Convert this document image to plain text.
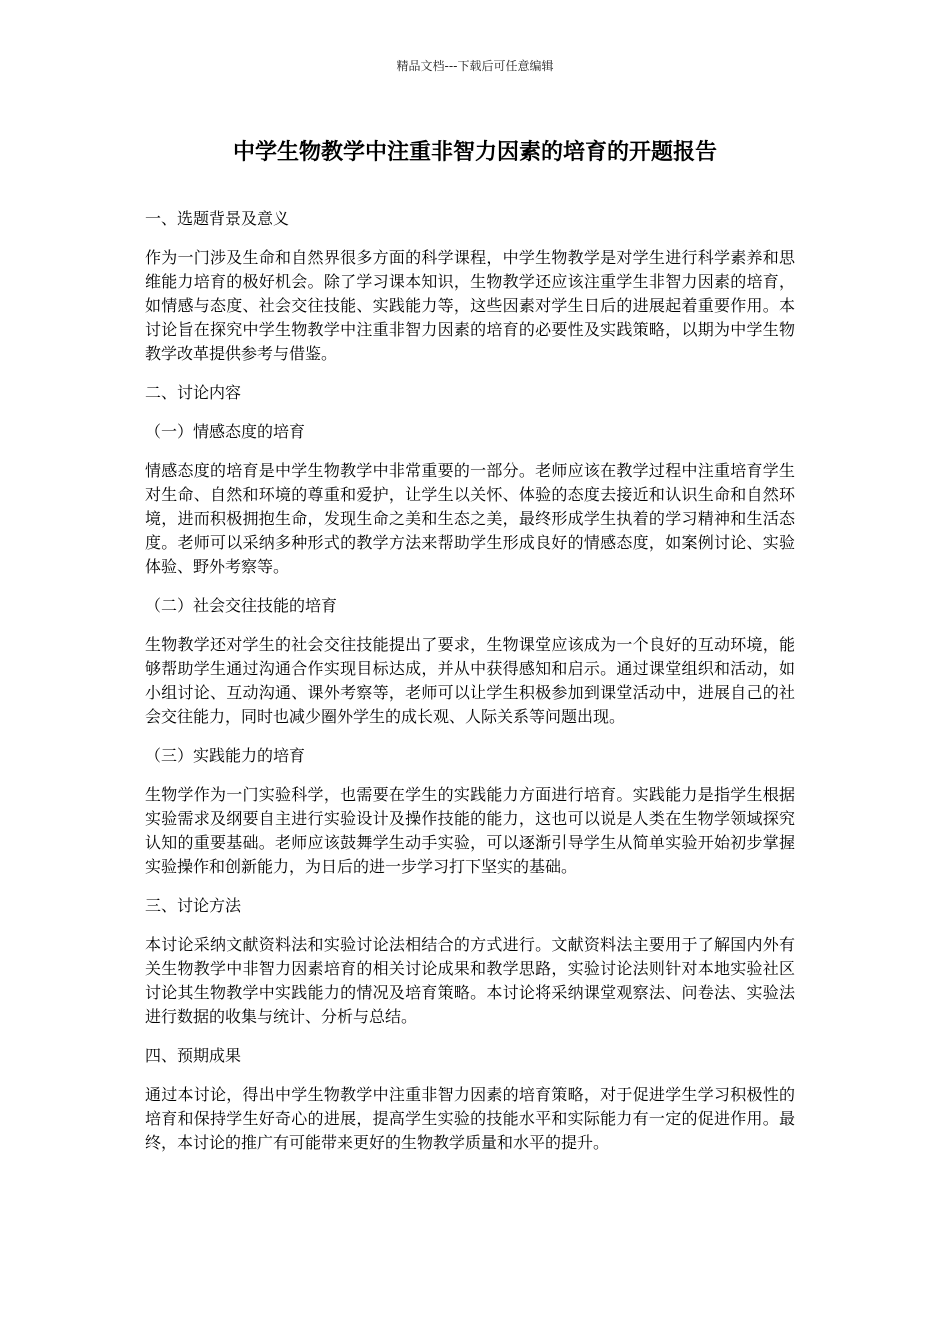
精品文档---下载后可任意编辑
中学生物教学中注重非智力因素的培育的开题报告
一、选题背景及意义
作为一门涉及生命和自然界很多方面的科学课程，中学生物教学是对学生进行科学素养和思维能力培育的极好机会。除了学习课本知识，生物教学还应该注重学生非智力因素的培育，如情感与态度、社会交往技能、实践能力等，这些因素对学生日后的进展起着重要作用。本讨论旨在探究中学生物教学中注重非智力因素的培育的必要性及实践策略，以期为中学生物教学改革提供参考与借鉴。
二、讨论内容
（一）情感态度的培育
情感态度的培育是中学生物教学中非常重要的一部分。老师应该在教学过程中注重培育学生对生命、自然和环境的尊重和爱护，让学生以关怀、体验的态度去接近和认识生命和自然环境，进而积极拥抱生命，发现生命之美和生态之美，最终形成学生执着的学习精神和生活态度。老师可以采纳多种形式的教学方法来帮助学生形成良好的情感态度，如案例讨论、实验体验、野外考察等。
（二）社会交往技能的培育
生物教学还对学生的社会交往技能提出了要求，生物课堂应该成为一个良好的互动环境，能够帮助学生通过沟通合作实现目标达成，并从中获得感知和启示。通过课堂组织和活动，如小组讨论、互动沟通、课外考察等，老师可以让学生积极参加到课堂活动中，进展自己的社会交往能力，同时也减少圈外学生的成长观、人际关系等问题出现。
（三）实践能力的培育
生物学作为一门实验科学，也需要在学生的实践能力方面进行培育。实践能力是指学生根据实验需求及纲要自主进行实验设计及操作技能的能力，这也可以说是人类在生物学领域探究认知的重要基础。老师应该鼓舞学生动手实验，可以逐渐引导学生从简单实验开始初步掌握实验操作和创新能力，为日后的进一步学习打下坚实的基础。
三、讨论方法
本讨论采纳文献资料法和实验讨论法相结合的方式进行。文献资料法主要用于了解国内外有关生物教学中非智力因素培育的相关讨论成果和教学思路，实验讨论法则针对本地实验社区讨论其生物教学中实践能力的情况及培育策略。本讨论将采纳课堂观察法、问卷法、实验法进行数据的收集与统计、分析与总结。
四、预期成果
通过本讨论，得出中学生物教学中注重非智力因素的培育策略，对于促进学生学习积极性的培育和保持学生好奇心的进展，提高学生实验的技能水平和实际能力有一定的促进作用。最终，本讨论的推广有可能带来更好的生物教学质量和水平的提升。
